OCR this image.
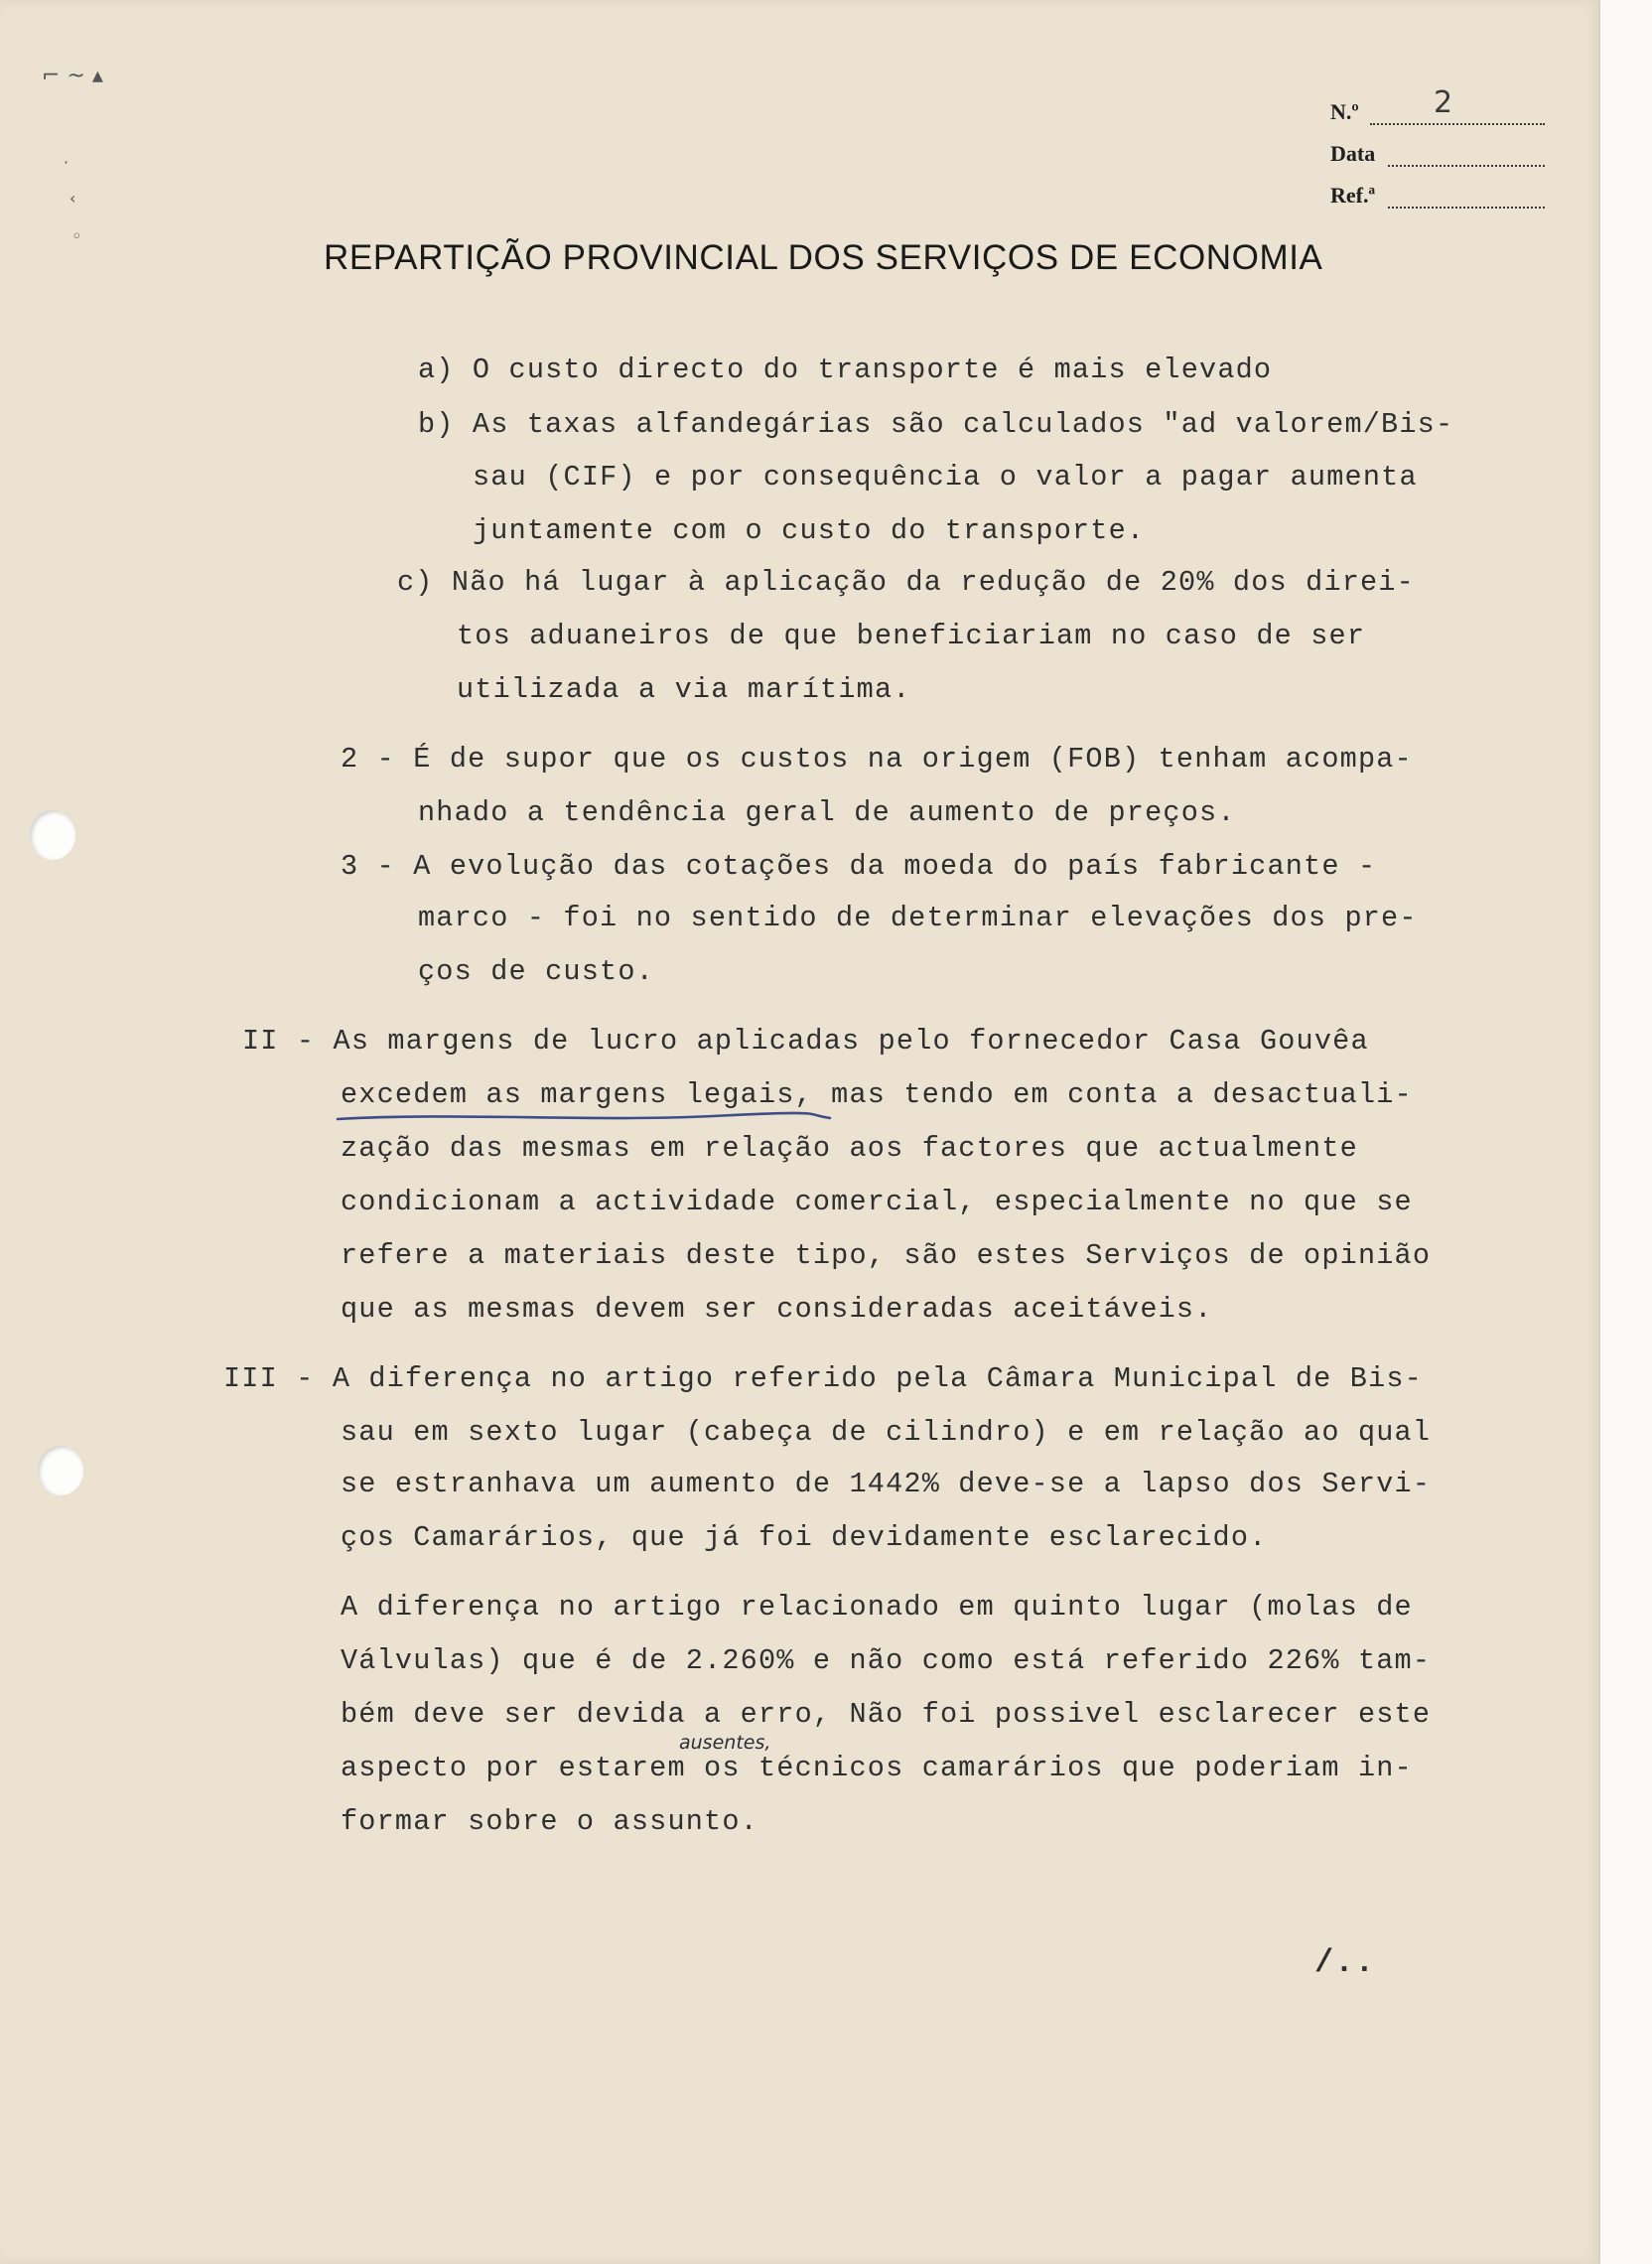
⌐ ~ ▴
·
‹
◦
N.º	2
Data
Ref.ª
REPARTIÇÃO PROVINCIAL DOS SERVIÇOS DE ECONOMIA
a) O custo directo do transporte é mais elevado
b) As taxas alfandegárias são calculados "ad valorem/Bis-
sau (CIF) e por consequência o valor a pagar aumenta
juntamente com o custo do transporte.
c) Não há lugar à aplicação da redução de 20% dos direi-
tos aduaneiros de que beneficiariam no caso de ser
utilizada a via marítima.
2 - É de supor que os custos na origem (FOB) tenham acompa-
nhado a tendência geral de aumento de preços.
3 - A evolução das cotações da moeda do país fabricante -
marco - foi no sentido de determinar elevações dos pre-
ços de custo.
II - As margens de lucro aplicadas pelo fornecedor Casa Gouvêa
excedem as margens legais, mas tendo em conta a desactuali-
zação das mesmas em relação aos factores que actualmente
condicionam a actividade comercial, especialmente no que se
refere a materiais deste tipo, são estes Serviços de opinião
que as mesmas devem ser consideradas aceitáveis.
III - A diferença no artigo referido pela Câmara Municipal de Bis-
sau em sexto lugar (cabeça de cilindro) e em relação ao qual
se estranhava um aumento de 1442% deve-se a lapso dos Servi-
ços Camarários, que já foi devidamente esclarecido.
A diferença no artigo relacionado em quinto lugar (molas de
Válvulas) que é de 2.260% e não como está referido 226% tam-
bém deve ser devida a erro, Não foi possivel esclarecer este
aspecto por estarem os técnicos camarários que poderiam in-
formar sobre o assunto.
ausentes,
/..
